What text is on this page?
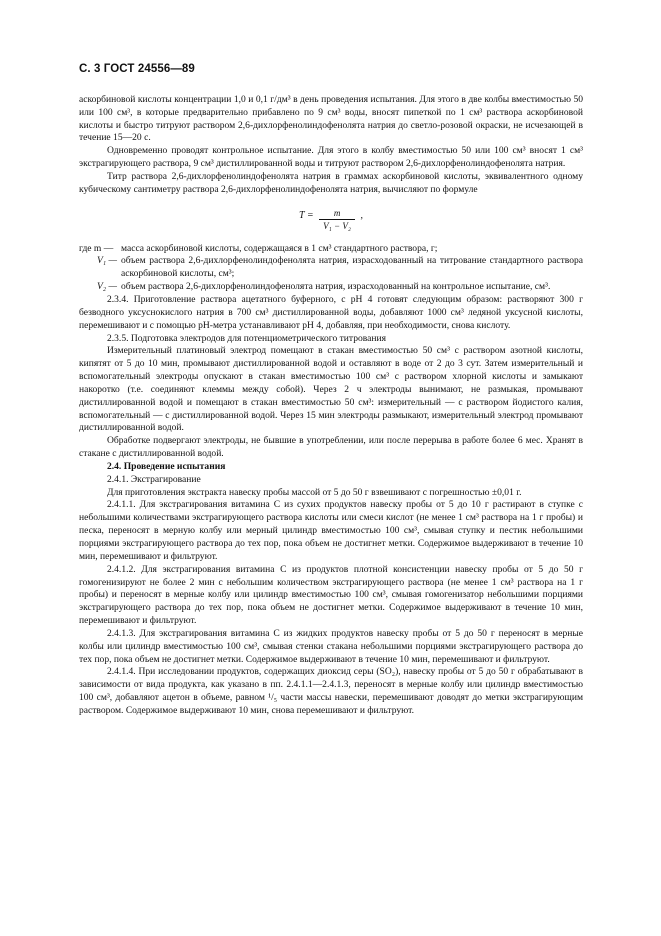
С. 3 ГОСТ 24556—89

аскорбиновой кислоты концентрации 1,0 и 0,1 г/дм³ в день проведения испытания. Для этого в две колбы вместимостью 50 или 100 см³, в которые предварительно прибавлено по 9 см³ воды, вносят пипеткой по 1 см³ раствора аскорбиновой кислоты и быстро титруют раствором 2,6-дихлорфенолиндофенолята натрия до светло-розовой окраски, не исчезающей в течение 15—20 с.

Одновременно проводят контрольное испытание. Для этого в колбу вместимостью 50 или 100 см³ вносят 1 см³ экстрагирующего раствора, 9 см³ дистиллированной воды и титруют раствором 2,6-дихлорфенолиндофенолята натрия.

Титр раствора 2,6-дихлорфенолиндофенолята натрия в граммах аскорбиновой кислоты, эквивалентного одному кубическому сантиметру раствора 2,6-дихлорфенолиндофенолята натрия, вычисляют по формуле

$T = \frac{m}{\text{V₁ − V₂}}$ ,
где m — масса аскорбиновой кислоты, содержащаяся в 1 см³ стандартного раствора, г;
V₁ — объем раствора 2,6-дихлорфенолиндофенолята натрия, израсходованный на титрование стандартного раствора аскорбиновой кислоты, см³;
V₂ — объем раствора 2,6-дихлорфенолиндофенолята натрия, израсходованный на контрольное испытание, см³.

2.3.4. Приготовление раствора ацетатного буферного, с pH 4 готовят следующим образом: растворяют 300 г безводного уксуснокислого натрия в 700 см³ дистиллированной воды, добавляют 1000 см³ ледяной уксусной кислоты, перемешивают и с помощью pH-метра устанавливают pH 4, добавляя, при необходимости, снова кислоту.

2.3.5. Подготовка электродов для потенциометрического титрования

Измерительный платиновый электрод помещают в стакан вместимостью 50 см³ с раствором азотной кислоты, кипятят от 5 до 10 мин, промывают дистиллированной водой и оставляют в воде от 2 до 3 сут. Затем измерительный и вспомогательный электроды опускают в стакан вместимостью 100 см³ с раствором хлорной кислоты и замыкают накоротко (т.е. соединяют клеммы между собой). Через 2 ч электроды вынимают, не размыкая, промывают дистиллированной водой и помещают в стакан вместимостью 50 см³: измерительный — с раствором йодистого калия, вспомогательный — с дистиллированной водой. Через 15 мин электроды размыкают, измерительный электрод промывают дистиллированной водой.

Обработке подвергают электроды, не бывшие в употреблении, или после перерыва в работе более 6 мес. Хранят в стакане с дистиллированной водой.

2.4. Проведение испытания

2.4.1. Экстрагирование

Для приготовления экстракта навеску пробы массой от 5 до 50 г взвешивают с погрешностью ±0,01 г.

2.4.1.1. Для экстрагирования витамина С из сухих продуктов навеску пробы от 5 до 10 г растирают в ступке с небольшими количествами экстрагирующего раствора кислоты или смеси кислот (не менее 1 см³ раствора на 1 г пробы) и песка, переносят в мерную колбу или мерный цилиндр вместимостью 100 см³, смывая ступку и пестик небольшими порциями экстрагирующего раствора до тех пор, пока объем не достигнет метки. Содержимое выдерживают в течение 10 мин, перемешивают и фильтруют.

2.4.1.2. Для экстрагирования витамина С из продуктов плотной консистенции навеску пробы от 5 до 50 г гомогенизируют не более 2 мин с небольшим количеством экстрагирующего раствора (не менее 1 см³ раствора на 1 г пробы) и переносят в мерные колбу или цилиндр вместимостью 100 см³, смывая гомогенизатор небольшими порциями экстрагирующего раствора до тех пор, пока объем не достигнет метки. Содержимое выдерживают в течение 10 мин, перемешивают и фильтруют.

2.4.1.3. Для экстрагирования витамина С из жидких продуктов навеску пробы от 5 до 50 г переносят в мерные колбы или цилиндр вместимостью 100 см³, смывая стенки стакана небольшими порциями экстрагирующего раствора до тех пор, пока объем не достигнет метки. Содержимое выдерживают в течение 10 мин, перемешивают и фильтруют.

2.4.1.4. При исследовании продуктов, содержащих диоксид серы (SO₂), навеску пробы от 5 до 50 г обрабатывают в зависимости от вида продукта, как указано в пп. 2.4.1.1—2.4.1.3, переносят в мерные колбу или цилиндр вместимостью 100 см³, добавляют ацетон в объеме, равном ¹/₅ части массы навески, перемешивают доводят до метки экстрагирующим раствором. Содержимое выдерживают 10 мин, снова перемешивают и фильтруют.
